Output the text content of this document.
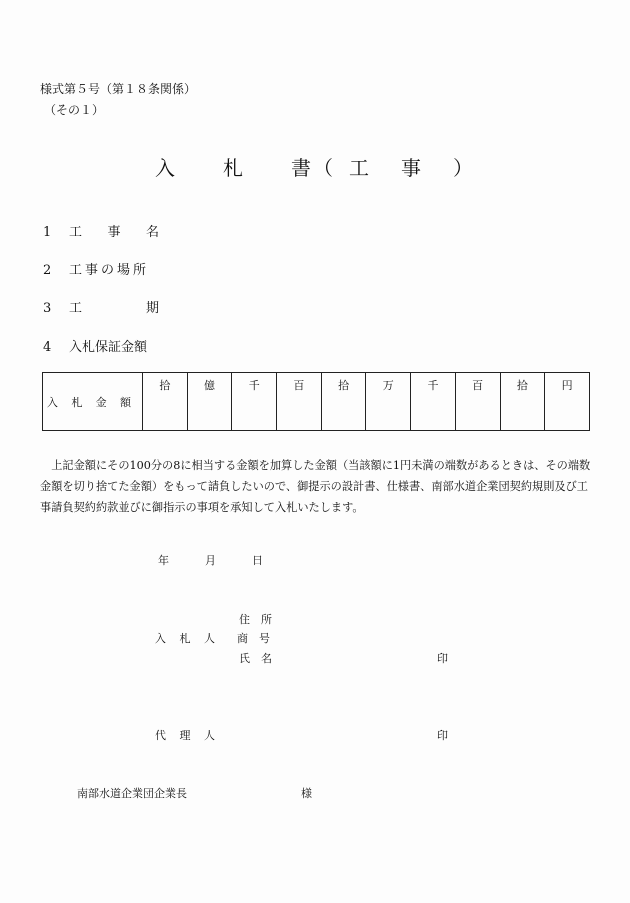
様式第５号（第１８条関係）
（その１）
入 札 書（ 工 事 ）
1 工事名
2 工事の場所
3 工期
4 入札保証金額
入札金額	拾	億	千	百	拾	万	千	百	拾	円
　上記金額にその100分の8に相当する金額を加算した金額（当該額に1円未満の端数があるときは、その端数金額を切り捨てた金額）をもって請負したいので、御提示の設計書、仕様書、南部水道企業団契約規則及び工事請負契約約款並びに御指示の事項を承知して入札いたします。
年	月	日
住　所
入札人 商　号
氏　名	印
代理人	印
南部水道企業団企業長	様
